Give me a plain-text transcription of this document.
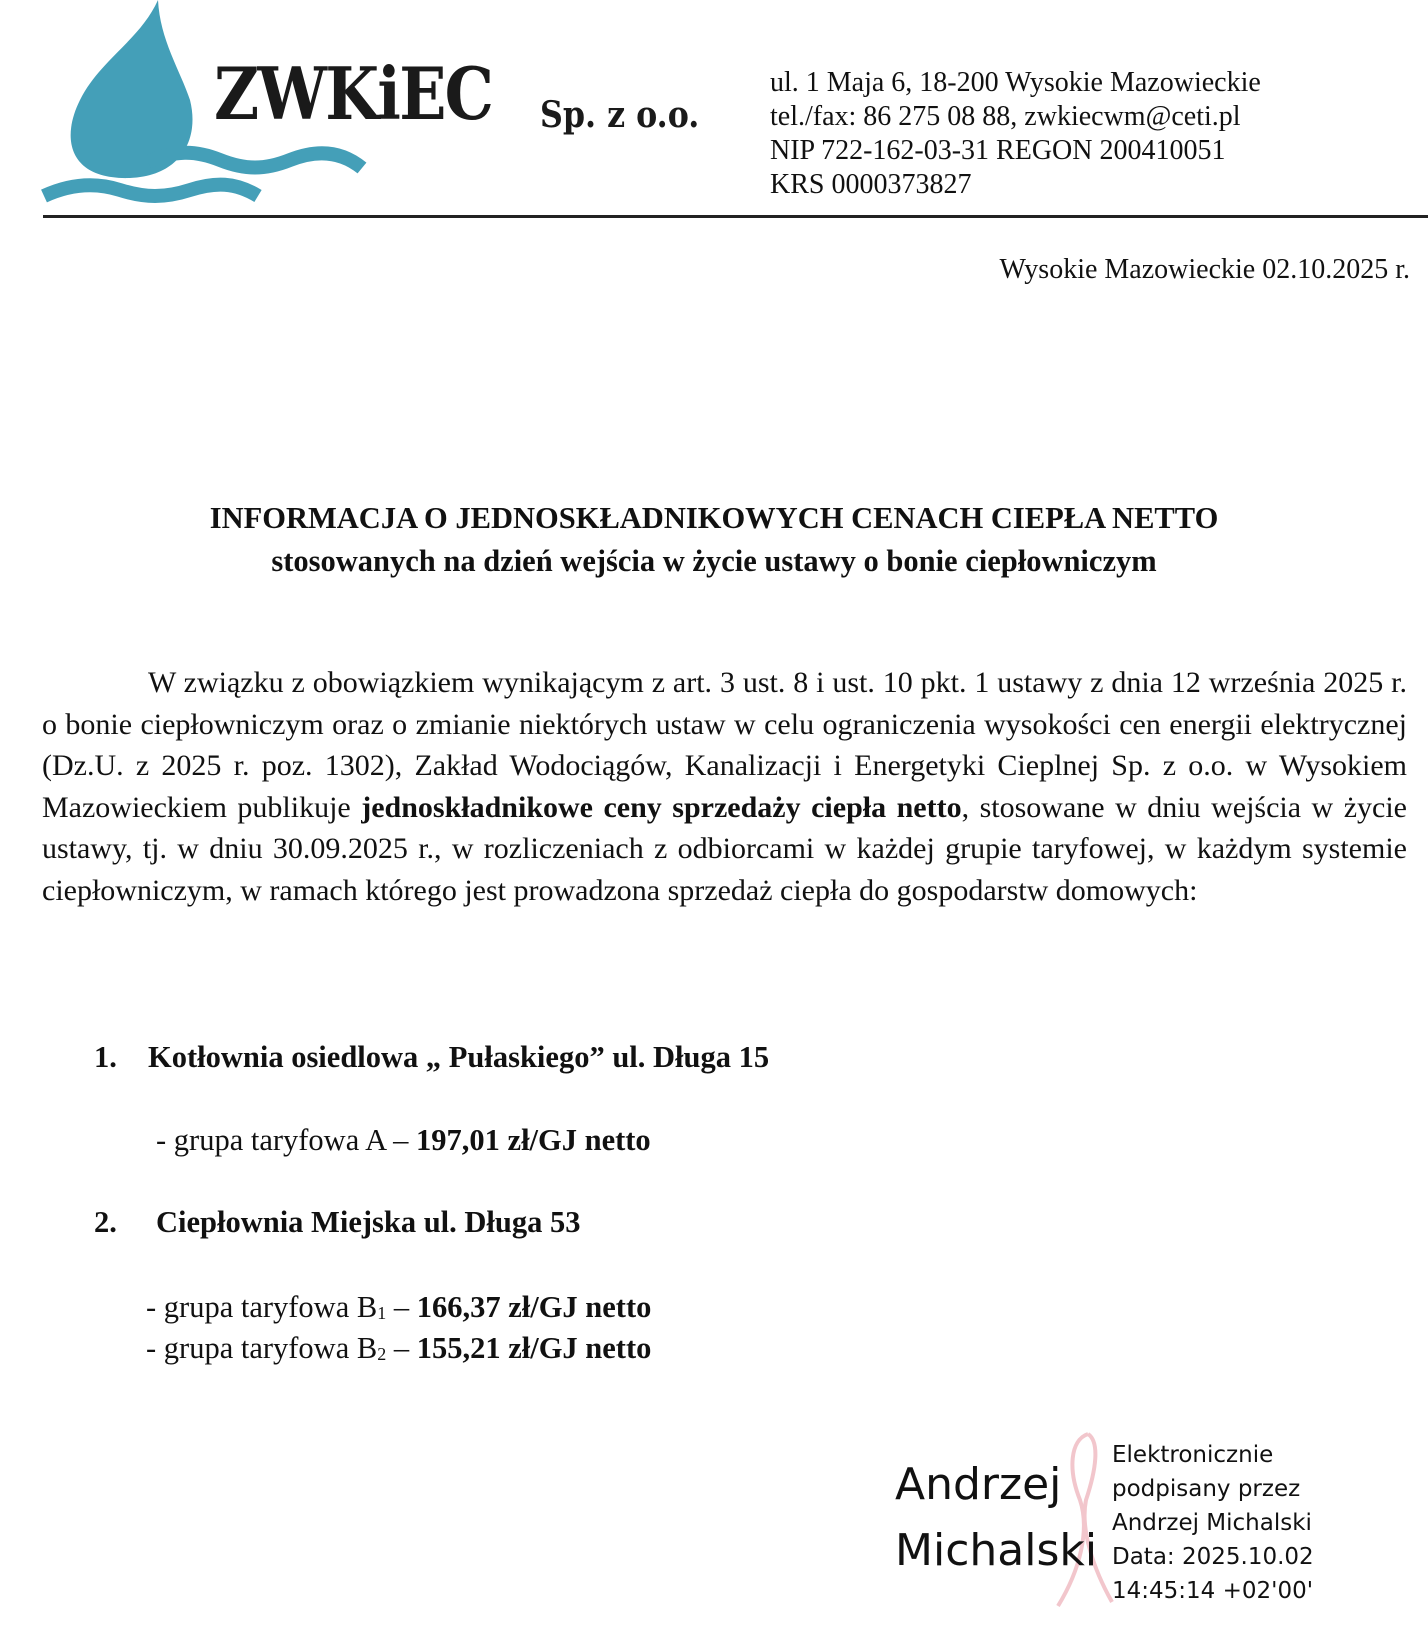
ZWKiEC Sp. z o.o.
ul. 1 Maja 6, 18-200 Wysokie Mazowieckie
tel./fax: 86 275 08 88, zwkiecwm@ceti.pl
NIP 722-162-03-31 REGON 200410051
KRS 0000373827
Wysokie Mazowieckie 02.10.2025 r.
INFORMACJA O JEDNOSKŁADNIKOWYCH CENACH CIEPŁA NETTO
stosowanych na dzień wejścia w życie ustawy o bonie ciepłowniczym
W związku z obowiązkiem wynikającym z art. 3 ust. 8 i ust. 10 pkt. 1 ustawy z dnia 12 września 2025 r. o bonie ciepłowniczym oraz o zmianie niektórych ustaw w celu ograniczenia wysokości cen energii elektrycznej (Dz.U. z 2025 r. poz. 1302), Zakład Wodociągów, Kanalizacji i Energetyki Cieplnej Sp. z o.o. w Wysokiem Mazowieckiem publikuje jednoskładnikowe ceny sprzedaży ciepła netto, stosowane w dniu wejścia w życie ustawy, tj. w dniu 30.09.2025 r., w rozliczeniach z odbiorcami w każdej grupie taryfowej, w każdym systemie ciepłowniczym, w ramach którego jest prowadzona sprzedaż ciepła do gospodarstw domowych:
1. Kotłownia osiedlowa „ Pułaskiego” ul. Długa 15
- grupa taryfowa A – 197,01 zł/GJ netto
2. Ciepłownia Miejska ul. Długa 53
- grupa taryfowa $B_1 - 166,37$ zł/GJ netto
- grupa taryfowa $B_2 - 155,21$ zł/GJ netto
Andrzej
Michalski
Elektronicznie
podpisany przez
Andrzej Michalski
Data: 2025.10.02
14:45:14 +02'00'
